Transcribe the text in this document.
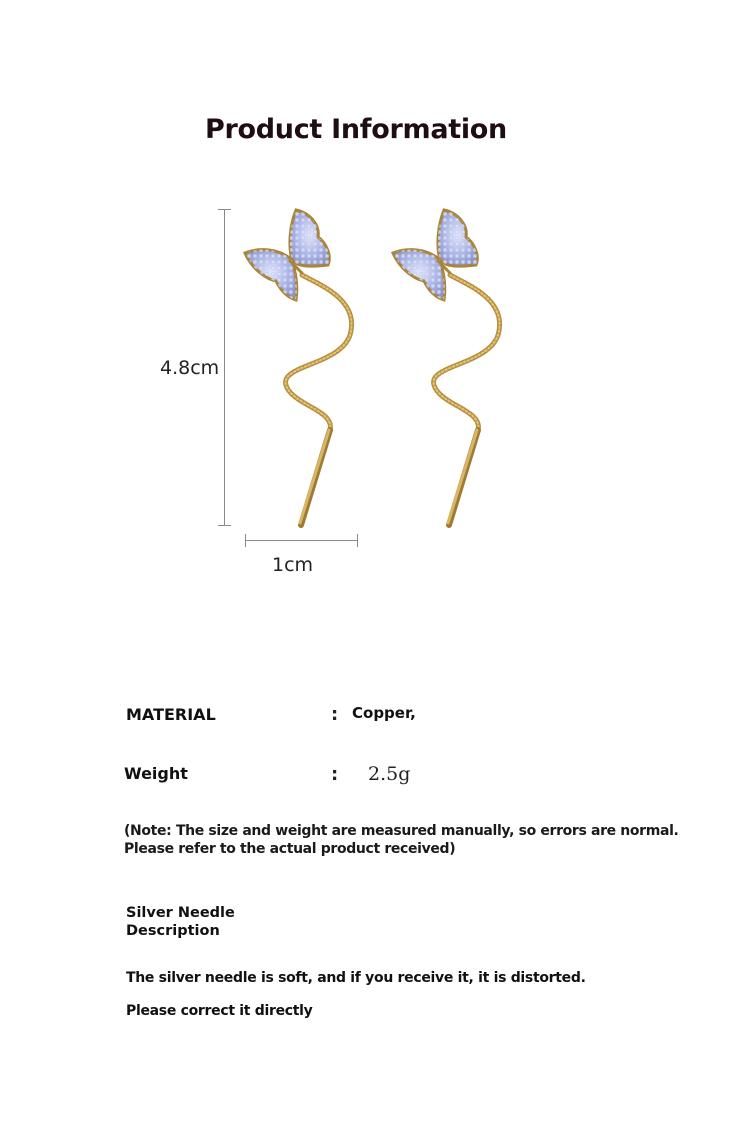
Product Information
4.8cm
1cm
MATERIAL	: Copper,
Weight	: 2.5g
(Note: The size and weight are measured manually, so errors are normal. Please refer to the actual product received)
Silver Needle
Description
The silver needle is soft, and if you receive it, it is distorted.
Please correct it directly
